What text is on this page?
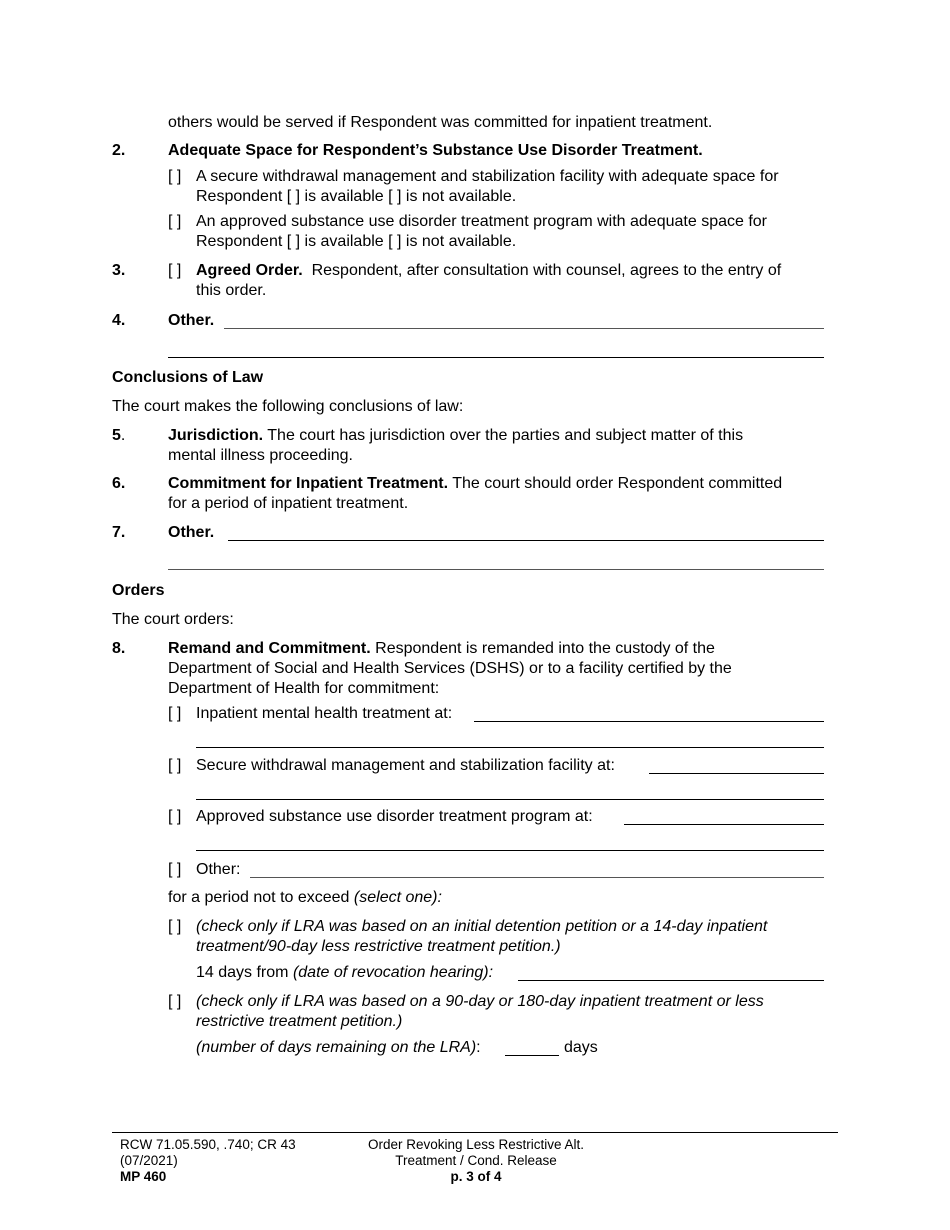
others would be served if Respondent was committed for inpatient treatment.
2.	Adequate Space for Respondent’s Substance Use Disorder Treatment.
[ ] A secure withdrawal management and stabilization facility with adequate space for
Respondent [ ] is available [ ] is not available.
[ ] An approved substance use disorder treatment program with adequate space for
Respondent [ ] is available [ ] is not available.
3.	[ ] Agreed Order. Respondent, after consultation with counsel, agrees to the entry of
this order.
4.	Other.
Conclusions of Law
The court makes the following conclusions of law:
5.	Jurisdiction. The court has jurisdiction over the parties and subject matter of this
mental illness proceeding.
6.	Commitment for Inpatient Treatment. The court should order Respondent committed
for a period of inpatient treatment.
7.	Other.
Orders
The court orders:
8.	Remand and Commitment. Respondent is remanded into the custody of the
Department of Social and Health Services (DSHS) or to a facility certified by the
Department of Health for commitment:
[ ] Inpatient mental health treatment at:
[ ] Secure withdrawal management and stabilization facility at:
[ ] Approved substance use disorder treatment program at:
[ ] Other:
for a period not to exceed (select one):
[ ] (check only if LRA was based on an initial detention petition or a 14-day inpatient
treatment/90-day less restrictive treatment petition.)
14 days from (date of revocation hearing):
[ ] (check only if LRA was based on a 90-day or 180-day inpatient treatment or less
restrictive treatment petition.)
(number of days remaining on the LRA):	days
RCW 71.05.590, .740; CR 43
(07/2021)
MP 460
Order Revoking Less Restrictive Alt.
Treatment / Cond. Release
p. 3 of 4
